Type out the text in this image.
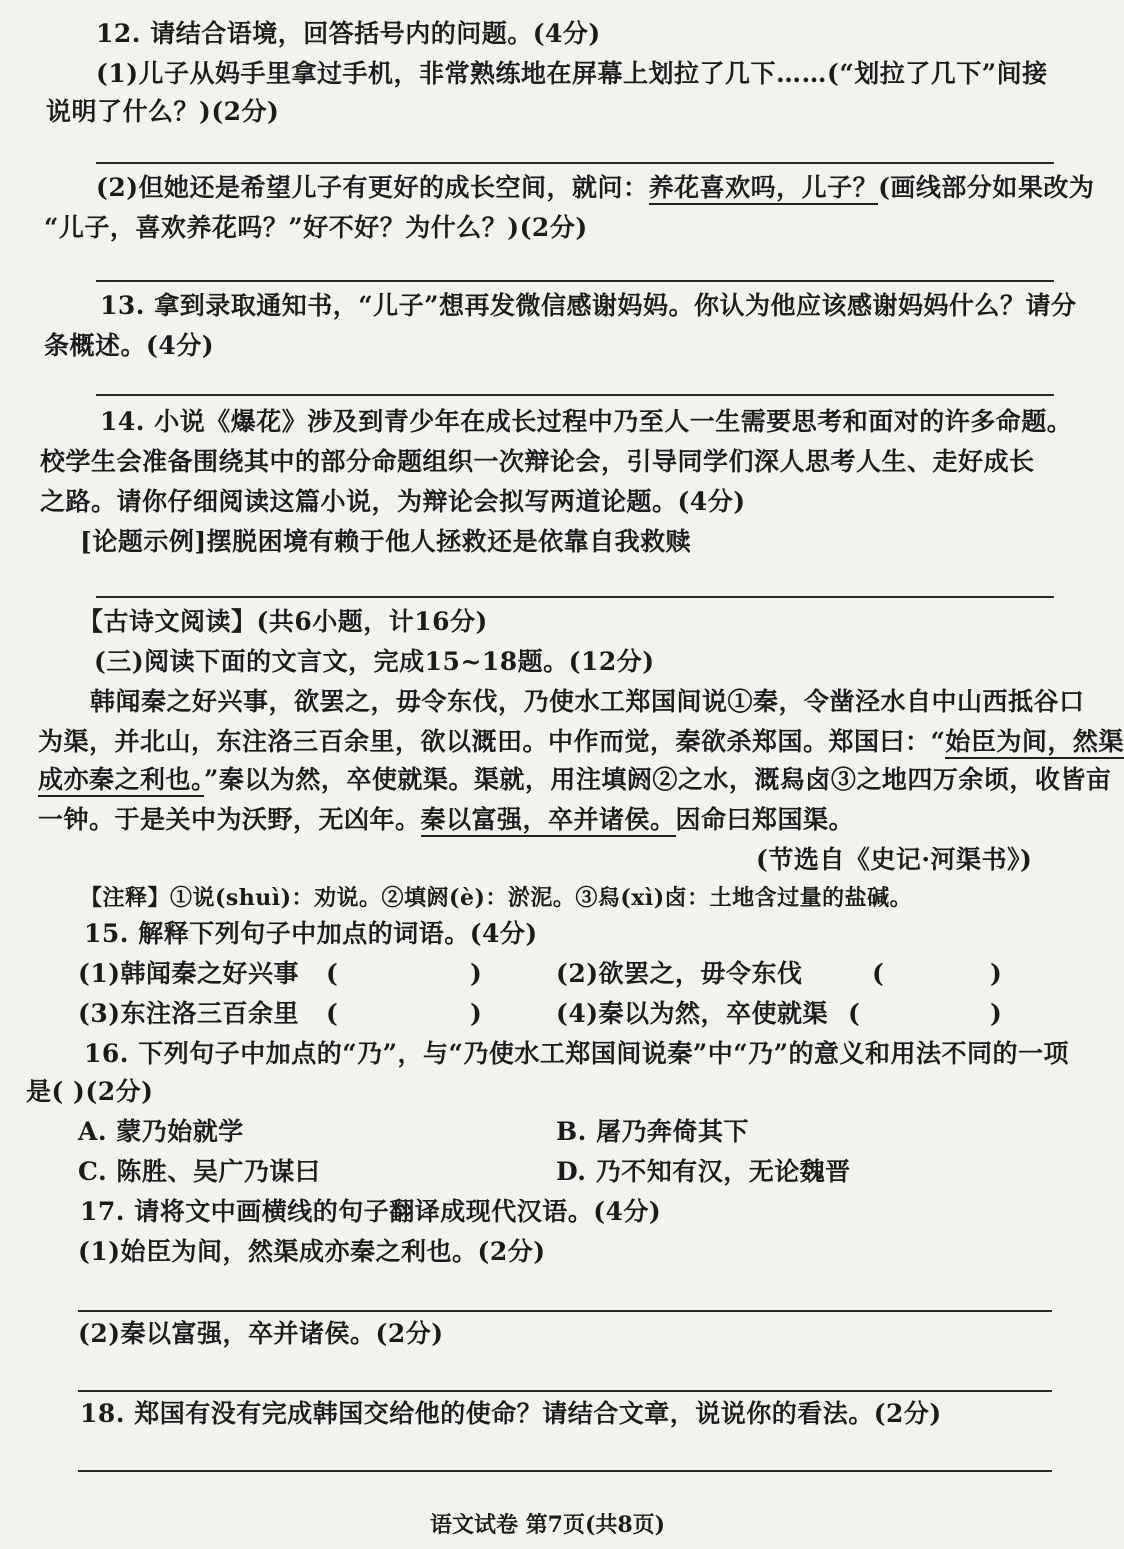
12. 请结合语境，回答括号内的问题。(4分)
(1)儿子从妈手里拿过手机，非常熟练地在屏幕上划拉了几下……(“划拉了几下”间接
说明了什么？)(2分)
(2)但她还是希望儿子有更好的成长空间，就问：养花喜欢吗，儿子？(画线部分如果改为
“儿子，喜欢养花吗？”好不好？为什么？)(2分)
13. 拿到录取通知书，“儿子”想再发微信感谢妈妈。你认为他应该感谢妈妈什么？请分
条概述。(4分)
14. 小说《爆花》涉及到青少年在成长过程中乃至人一生需要思考和面对的许多命题。
校学生会准备围绕其中的部分命题组织一次辩论会，引导同学们深人思考人生、走好成长
之路。请你仔细阅读这篇小说，为辩论会拟写两道论题。(4分)
[论题示例]摆脱困境有赖于他人拯救还是依靠自我救赎
【古诗文阅读】(共6小题，计16分)
(三)阅读下面的文言文，完成15~18题。(12分)
韩闻秦之好兴事，欲罢之，毋令东伐，乃使水工郑国间说①秦，令凿泾水自中山西抵谷口
为渠，并北山，东注洛三百余里，欲以溉田。中作而觉，秦欲杀郑国。郑国曰：“始臣为间，然渠
成亦秦之利也。”秦以为然，卒使就渠。渠就，用注填阏②之水，溉舄卤③之地四万余顷，收皆亩
一钟。于是关中为沃野，无凶年。秦以富强，卒并诸侯。因命曰郑国渠。
(节选自《史记·河渠书》)
【注释】①说(shuì)：劝说。②填阏(è)：淤泥。③舄(xì)卤：土地含过量的盐碱。
15. 解释下列句子中加点的词语。(4分)
(1)韩闻秦之好兴事 (	)	(2)欲罢之，毋令东伐	(	)
(3)东注洛三百余里 (	)	(4)秦以为然，卒使就渠 (	)
16. 下列句子中加点的“乃”，与“乃使水工郑国间说秦”中“乃”的意义和用法不同的一项
是( )(2分)
A. 蒙乃始就学	B. 屠乃奔倚其下
C. 陈胜、吴广乃谋曰	D. 乃不知有汉，无论魏晋
17. 请将文中画横线的句子翻译成现代汉语。(4分)
(1)始臣为间，然渠成亦秦之利也。(2分)
(2)秦以富强，卒并诸侯。(2分)
18. 郑国有没有完成韩国交给他的使命？请结合文章，说说你的看法。(2分)
语文试卷 第7页(共8页)
